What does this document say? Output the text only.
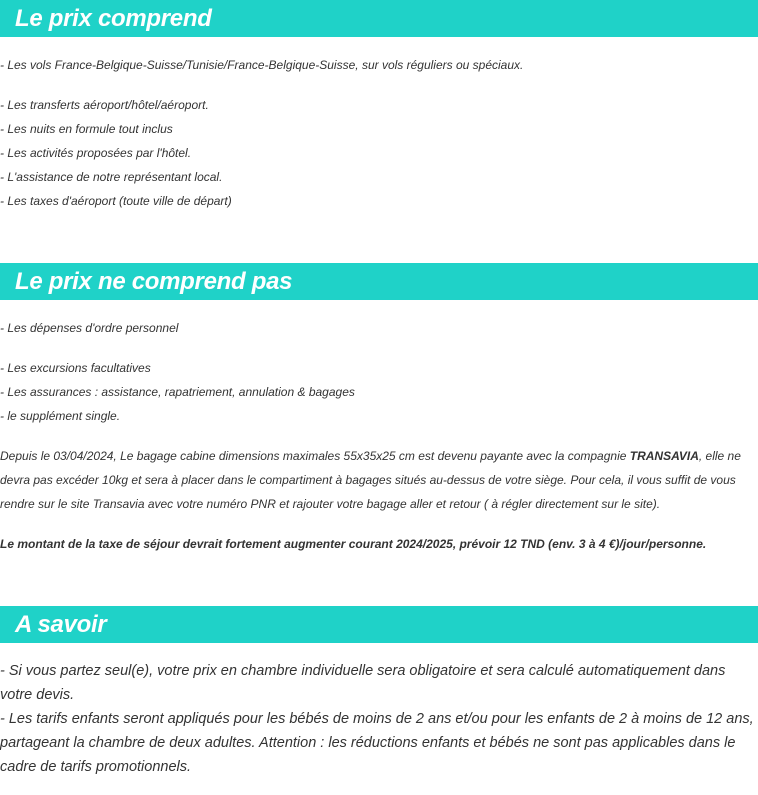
Le prix comprend

- Les vols France-Belgique-Suisse/Tunisie/France-Belgique-Suisse, sur vols réguliers ou spéciaux.

- Les transferts aéroport/hôtel/aéroport.

- Les nuits en formule tout inclus

- Les activités proposées par l'hôtel.

- L'assistance de notre représentant local.

- Les taxes d'aéroport (toute ville de départ)

Le prix ne comprend pas

- Les dépenses d'ordre personnel

- Les excursions facultatives

- Les assurances : assistance, rapatriement, annulation & bagages

- le supplément single.

Depuis le 03/04/2024, Le bagage cabine dimensions maximales 55x35x25 cm est devenu payante avec la compagnie TRANSAVIA, elle ne devra pas excéder 10kg et sera à placer dans le compartiment à bagages situés au-dessus de votre siège. Pour cela, il vous suffit de vous rendre sur le site Transavia avec votre numéro PNR et rajouter votre bagage aller et retour ( à régler directement sur le site).

Le montant de la taxe de séjour devrait fortement augmenter courant 2024/2025, prévoir 12 TND (env. 3 à 4 €)/jour/personne.

A savoir

- Si vous partez seul(e), votre prix en chambre individuelle sera obligatoire et sera calculé automatiquement dans votre devis.

- Les tarifs enfants seront appliqués pour les bébés de moins de 2 ans et/ou pour les enfants de 2 à moins de 12 ans, partageant la chambre de deux adultes. Attention : les réductions enfants et bébés ne sont pas applicables dans le cadre de tarifs promotionnels.
